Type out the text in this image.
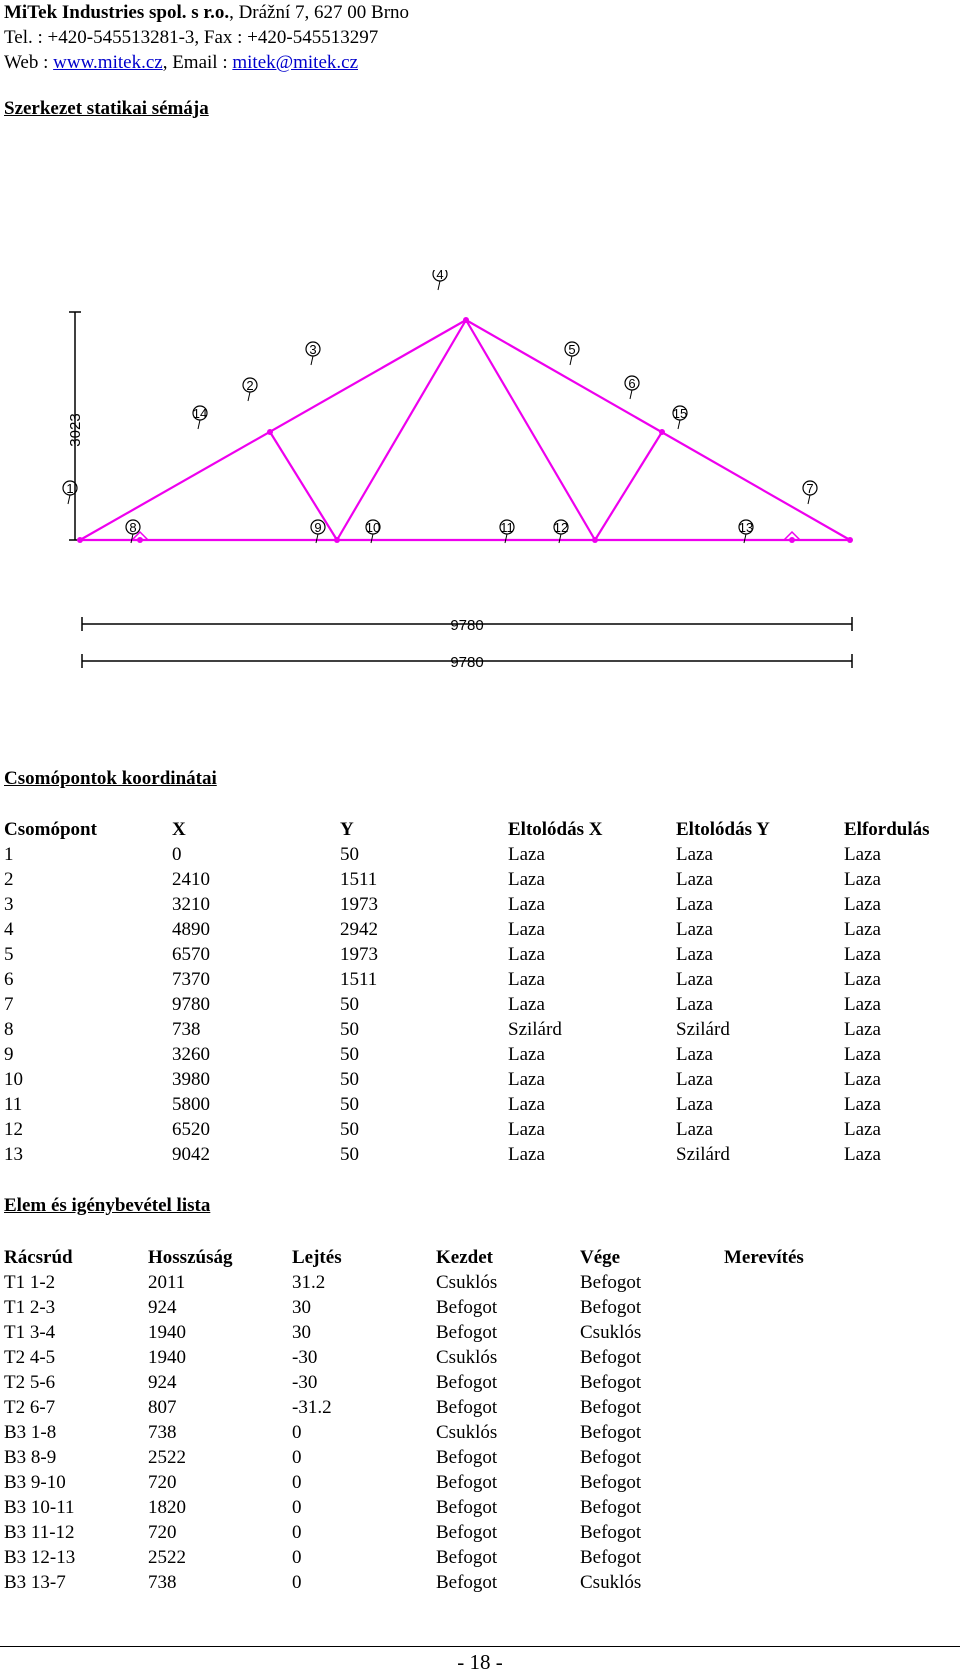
MiTek Industries spol. s r.o., Drážní 7, 627 00 Brno
Tel. : +420-545513281-3, Fax : +420-545513297
Web : www.mitek.cz, Email : mitek@mitek.cz
Szerkezet statikai sémája
3023
1
2
3
4
5
6
7
8	9	10	11	12	13
14	15
9780
9780
Csomópontok koordinátai
Csomópont	X	Y	Eltolódás X	Eltolódás Y	Elfordulás
1	0	50	Laza	Laza	Laza
2	2410	1511	Laza	Laza	Laza
3	3210	1973	Laza	Laza	Laza
4	4890	2942	Laza	Laza	Laza
5	6570	1973	Laza	Laza	Laza
6	7370	1511	Laza	Laza	Laza
7	9780	50	Laza	Laza	Laza
8	738	50	Szilárd	Szilárd	Laza
9	3260	50	Laza	Laza	Laza
10	3980	50	Laza	Laza	Laza
11	5800	50	Laza	Laza	Laza
12	6520	50	Laza	Laza	Laza
13	9042	50	Laza	Szilárd	Laza
Elem és igénybevétel lista
Rácsrúd	Hosszúság	Lejtés	Kezdet	Vége	Merevítés
T1 1-2	2011	31.2	Csuklós	Befogot	
T1 2-3	924	30	Befogot	Befogot	
T1 3-4	1940	30	Befogot	Csuklós	
T2 4-5	1940	-30	Csuklós	Befogot	
T2 5-6	924	-30	Befogot	Befogot	
T2 6-7	807	-31.2	Befogot	Befogot	
B3 1-8	738	0	Csuklós	Befogot	
B3 8-9	2522	0	Befogot	Befogot	
B3 9-10	720	0	Befogot	Befogot	
B3 10-11	1820	0	Befogot	Befogot	
B3 11-12	720	0	Befogot	Befogot	
B3 12-13	2522	0	Befogot	Befogot	
B3 13-7	738	0	Befogot	Csuklós	
- 18 -
